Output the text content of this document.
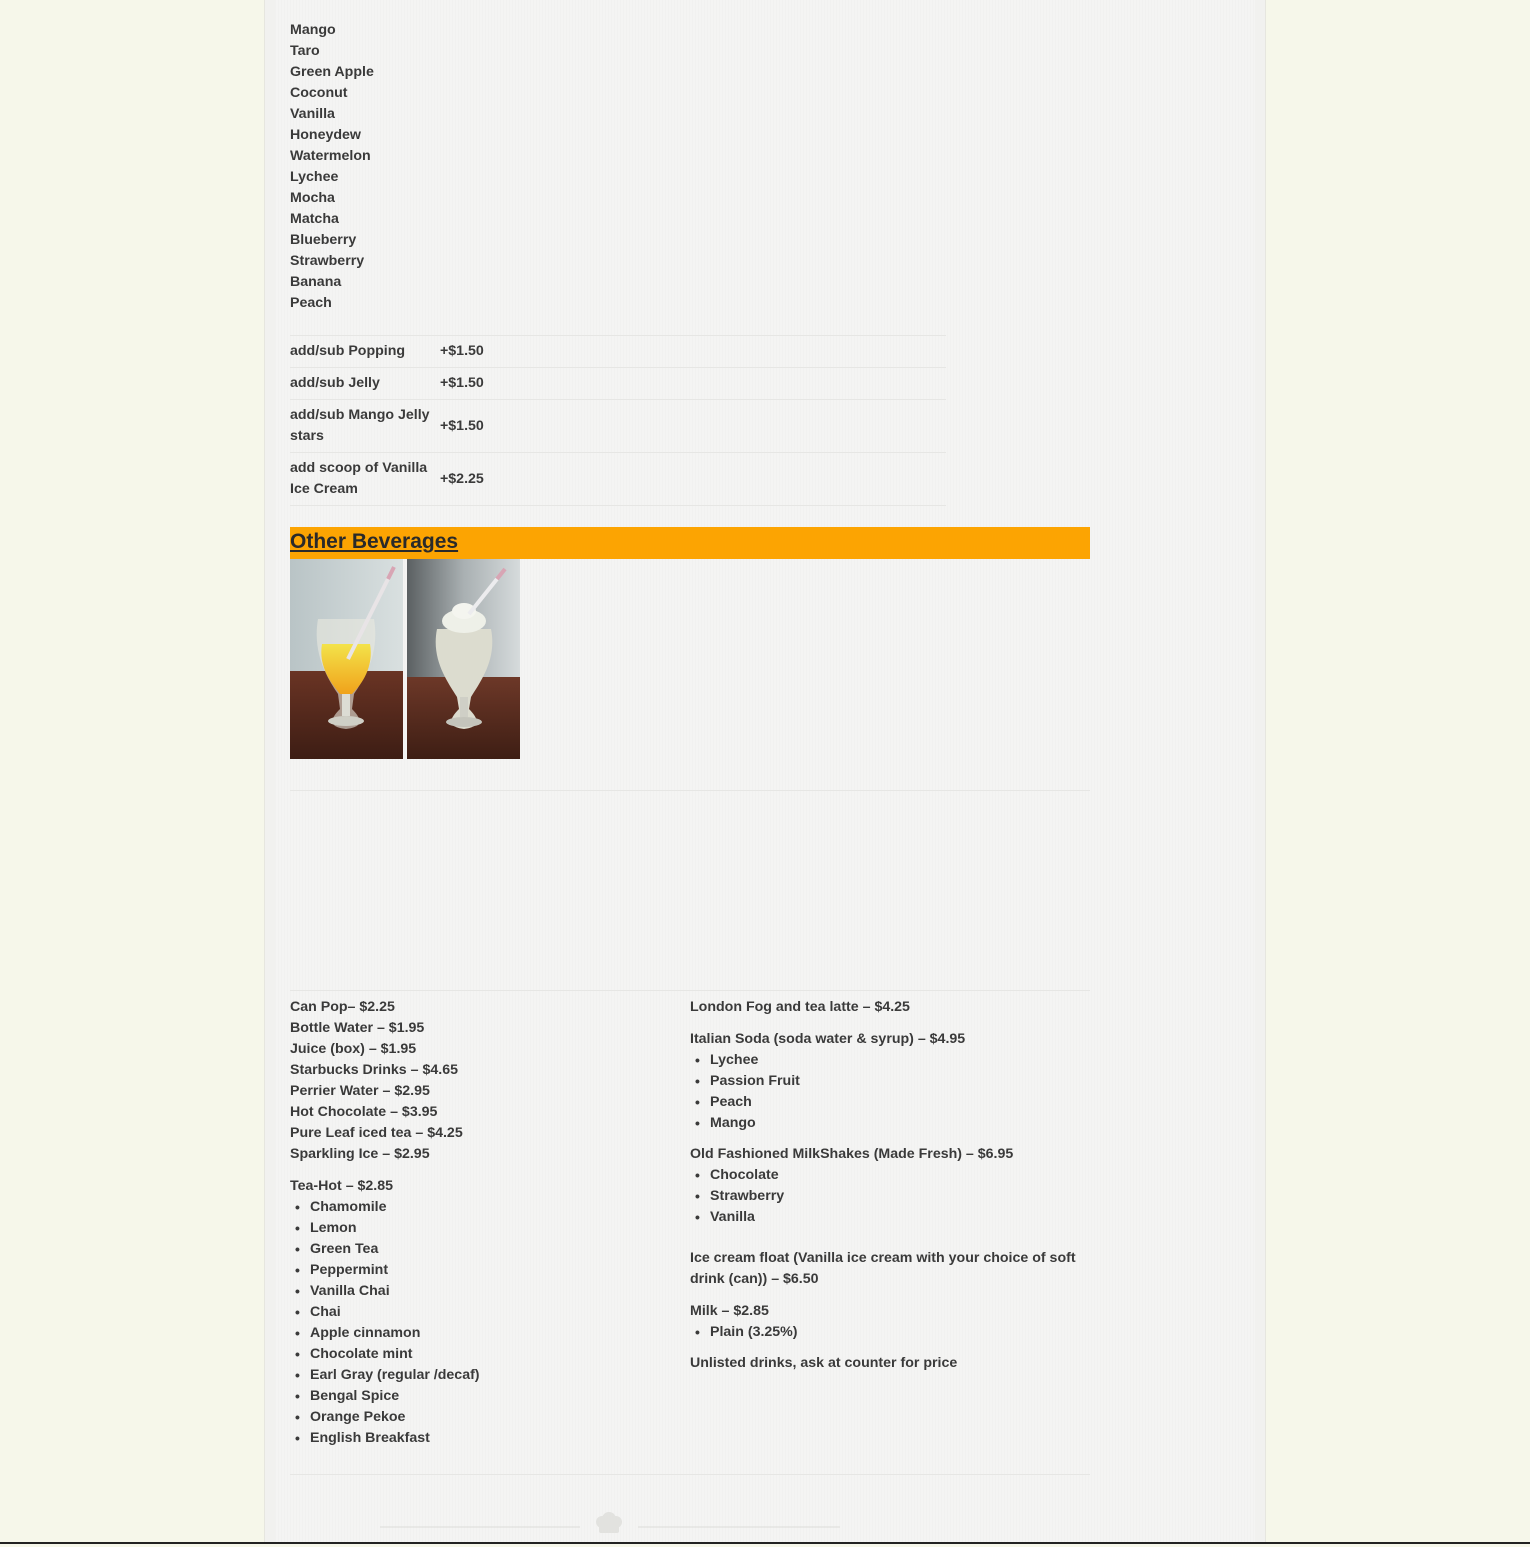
Mango
Taro
Green Apple
Coconut
Vanilla
Honeydew
Watermelon
Lychee
Mocha
Matcha
Blueberry
Strawberry
Banana
Peach
add/sub Popping	+$1.50
add/sub Jelly	+$1.50
add/sub Mango Jelly stars
+$1.50
add scoop of Vanilla Ice Cream
+$2.25
Other Beverages

Can Pop– $2.25
Bottle Water – $1.95
Juice (box) – $1.95
Starbucks Drinks – $4.65
Perrier Water – $2.95
Hot Chocolate – $3.95
Pure Leaf iced tea – $4.25
Sparkling Ice – $2.95

Tea-Hot – $2.85

• Chamomile
• Lemon
• Green Tea
• Peppermint
• Vanilla Chai
• Chai
• Apple cinnamon
• Chocolate mint
• Earl Gray (regular /decaf)
• Bengal Spice
• Orange Pekoe
• English Breakfast

London Fog and tea latte – $4.25

Italian Soda (soda water & syrup) – $4.95

• Lychee
• Passion Fruit
• Peach
• Mango

Old Fashioned MilkShakes (Made Fresh) – $6.95

• Chocolate
• Strawberry
• Vanilla

Ice cream float (Vanilla ice cream with your choice of soft drink (can)) – $6.50

Milk – $2.85

• Plain (3.25%)

Unlisted drinks, ask at counter for price
